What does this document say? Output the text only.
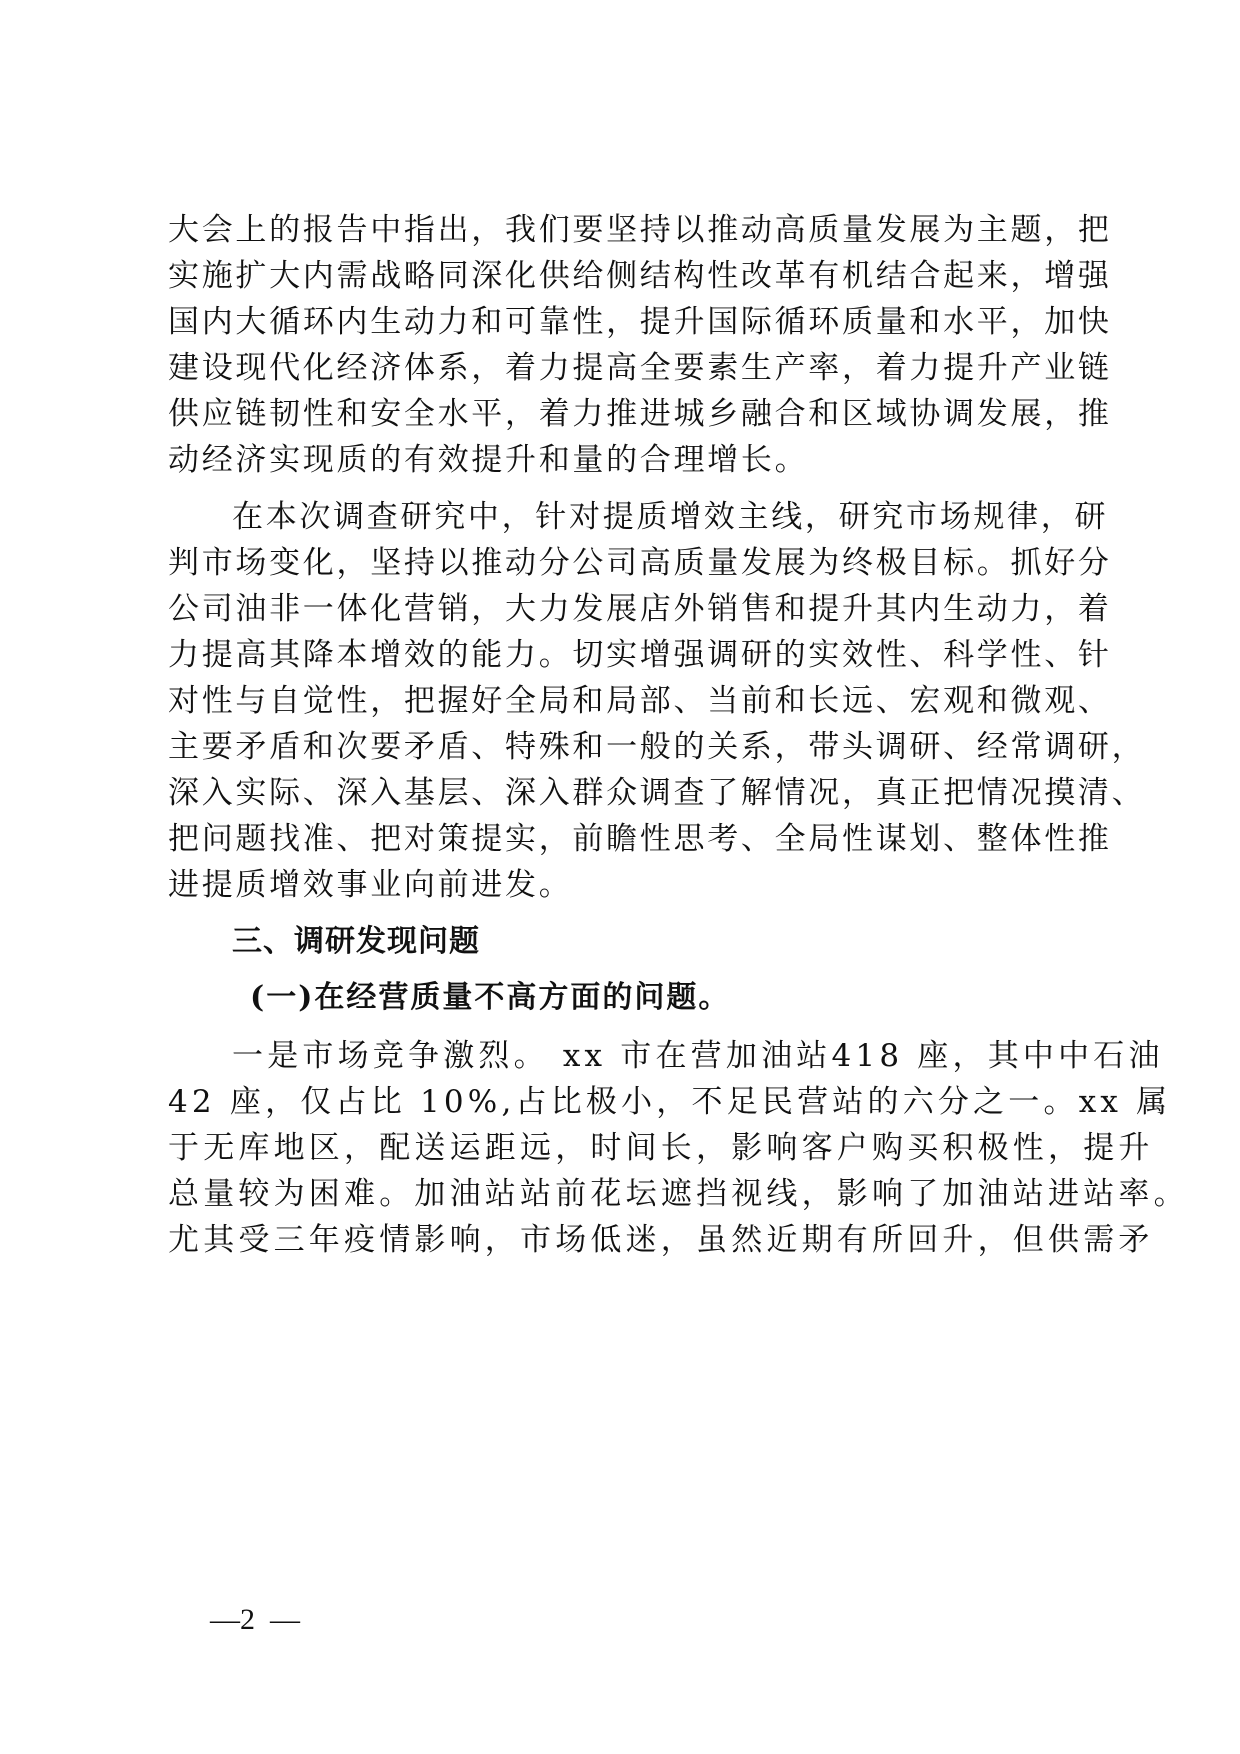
大会上的报告中指出，我们要坚持以推动高质量发展为主题，把
实施扩大内需战略同深化供给侧结构性改革有机结合起来，增强
国内大循环内生动力和可靠性，提升国际循环质量和水平，加快
建设现代化经济体系，着力提高全要素生产率，着力提升产业链
供应链韧性和安全水平，着力推进城乡融合和区域协调发展，推
动经济实现质的有效提升和量的合理增长。
在本次调查研究中，针对提质增效主线，研究市场规律，研
判市场变化，坚持以推动分公司高质量发展为终极目标。抓好分
公司油非一体化营销，大力发展店外销售和提升其内生动力，着
力提高其降本增效的能力。切实增强调研的实效性、科学性、针
对性与自觉性，把握好全局和局部、当前和长远、宏观和微观、
主要矛盾和次要矛盾、特殊和一般的关系，带头调研、经常调研，
深入实际、深入基层、深入群众调查了解情况，真正把情况摸清、
把问题找准、把对策提实，前瞻性思考、全局性谋划、整体性推
进提质增效事业向前进发。
三、调研发现问题
(一)在经营质量不高方面的问题。
一是市场竞争激烈。 xx 市在营加油站418 座，其中中石油
42 座，仅占比 10%,占比极小，不足民营站的六分之一。xx 属
于无库地区，配送运距远，时间长，影响客户购买积极性，提升
总量较为困难。加油站站前花坛遮挡视线，影响了加油站进站率。
尤其受三年疫情影响，市场低迷，虽然近期有所回升，但供需矛
—2  —
